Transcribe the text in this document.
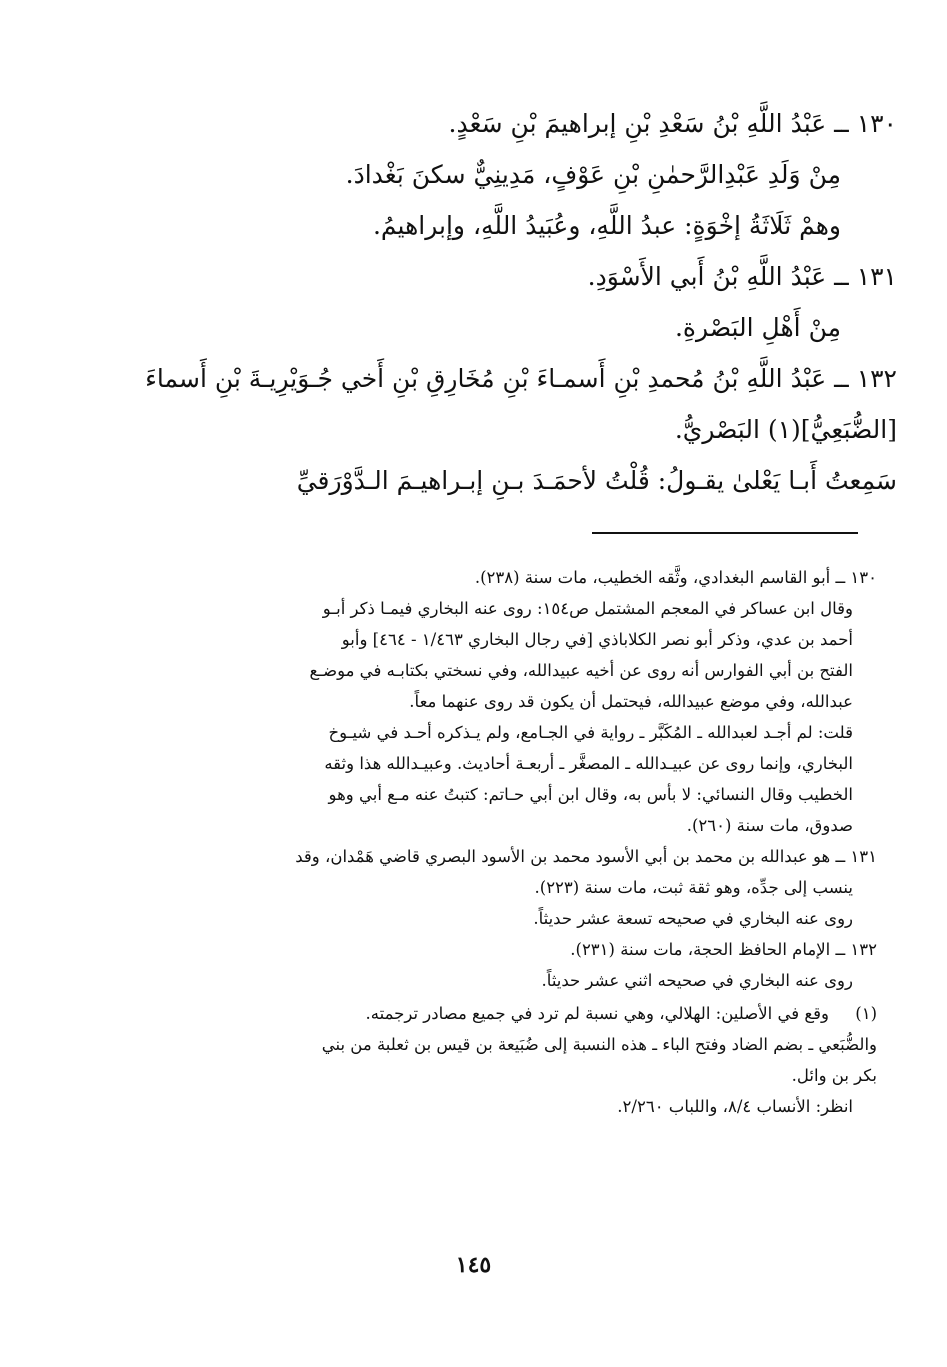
١٣٠ ــ عَبْدُ اللَّهِ بْنُ سَعْدِ بْنِ إبراهيمَ بْنِ سَعْدٍ.
مِنْ وَلَدِ عَبْدِالرَّحمٰنِ بْنِ عَوْفٍ، مَدِينِيٌّ سكنَ بَغْدادَ.
وهمْ ثَلَاثَةُ إخْوَةٍ: عبدُ اللَّهِ، وعُبَيدُ اللَّهِ، وإبراهيمُ.
١٣١ ــ عَبْدُ اللَّهِ بْنُ أَبي الأَسْوَدِ.
مِنْ أَهْلِ البَصْرةِ.
١٣٢ ــ عَبْدُ اللَّهِ بْنُ مُحمدِ بْنِ أَسمـاءَ بْنِ مُخَارِقِ بْنِ أَخي جُـوَيْرِيـةَ بْنِ أَسماءَ
[الضُّبَعِيُّ](١) البَصْريُّ.
سَمِعتُ أَبـا يَعْلىٰ يقـولُ: قُلْتُ لأحمَـدَ بـنِ إبـراهيـمَ الـدَّوْرَقيِّ
١٣٠ ــ أبو القاسم البغدادي، وثَّقه الخطيب، مات سنة (٢٣٨).
وقال ابن عساكر في المعجم المشتمل ص١٥٤: روى عنه البخاري فيمـا ذكر أبـو
أحمد بن عدي، وذكر أبو نصر الكلاباذي [في رجال البخاري ١/٤٦٣ - ٤٦٤] وأبو
الفتح بن أبي الفوارس أنه روى عن أخيه عبيدالله، وفي نسختي بكتابـه في موضـع
عبدالله، وفي موضع عبيدالله، فيحتمل أن يكون قد روى عنهما معاً.
قلت: لم أجـد لعبدالله ـ المُكَبَّر ـ رواية في الجـامع، ولم يـذكره أحـد في شيـوخ
البخاري، وإنما روى عن عبيـدالله ـ المصغَّر ـ أربعـة أحاديث. وعبيـدالله هذا وثقه
الخطيب وقال النسائي: لا بأس به، وقال ابن أبي حـاتم: كتبتُ عنه مـع أبي وهو
صدوق، مات سنة (٢٦٠).
١٣١ ــ هو عبدالله بن محمد بن أبي الأسود محمد بن الأسود البصري قاضي هَمْدان، وقد
ينسب إلى جدِّه، وهو ثقة ثبت، مات سنة (٢٢٣).
روى عنه البخاري في صحيحه تسعة عشر حديثاً.
١٣٢ ــ الإمام الحافظ الحجة، مات سنة (٢٣١).
روى عنه البخاري في صحيحه اثني عشر حديثاً.
(١)وقع في الأصلين: الهلالي، وهي نسبة لم ترد في جميع مصادر ترجمته.
والضُّبَعي ـ بضم الضاد وفتح الباء ـ هذه النسبة إلى ضُبَيعة بن قيس بن ثعلبة من بني
بكر بن وائل.
انظر: الأنساب ٨/٤، واللباب ٢/٢٦٠.
١٤٥
